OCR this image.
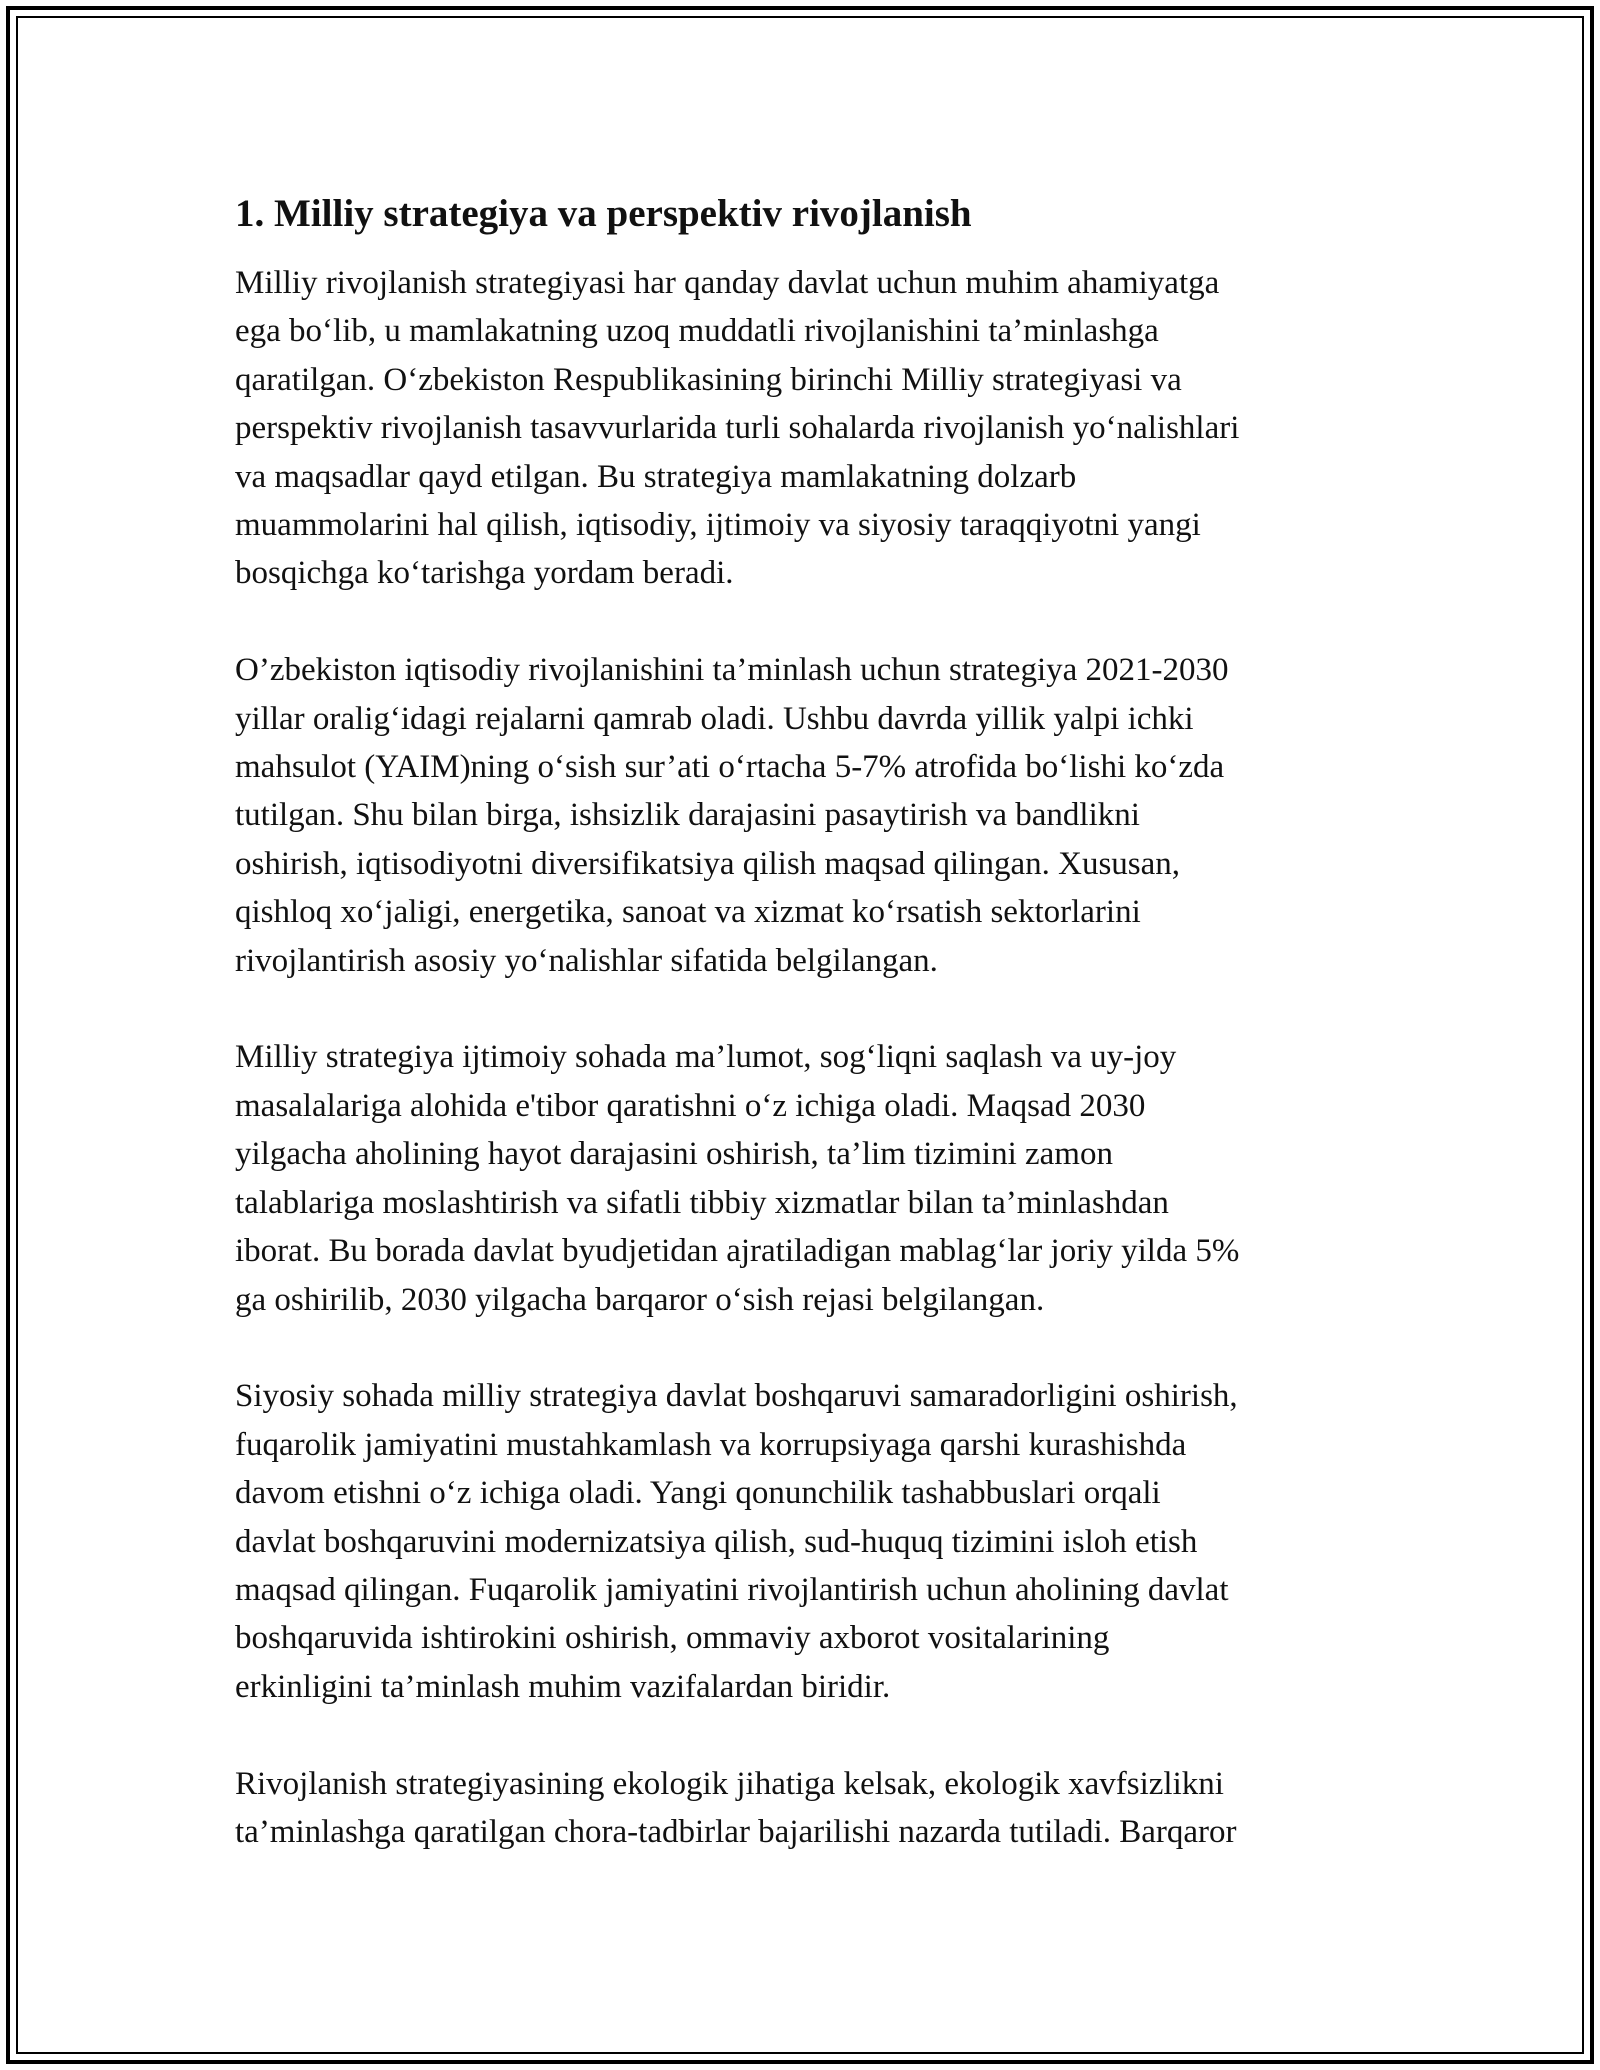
1. Milliy strategiya va perspektiv rivojlanish
Milliy rivojlanish strategiyasi har qanday davlat uchun muhim ahamiyatga
ega bo‘lib, u mamlakatning uzoq muddatli rivojlanishini ta’minlashga
qaratilgan. O‘zbekiston Respublikasining birinchi Milliy strategiyasi va
perspektiv rivojlanish tasavvurlarida turli sohalarda rivojlanish yo‘nalishlari
va maqsadlar qayd etilgan. Bu strategiya mamlakatning dolzarb
muammolarini hal qilish, iqtisodiy, ijtimoiy va siyosiy taraqqiyotni yangi
bosqichga ko‘tarishga yordam beradi.
O’zbekiston iqtisodiy rivojlanishini ta’minlash uchun strategiya 2021-2030
yillar oralig‘idagi rejalarni qamrab oladi. Ushbu davrda yillik yalpi ichki
mahsulot (YAIM)ning o‘sish sur’ati o‘rtacha 5-7% atrofida bo‘lishi ko‘zda
tutilgan. Shu bilan birga, ishsizlik darajasini pasaytirish va bandlikni
oshirish, iqtisodiyotni diversifikatsiya qilish maqsad qilingan. Xususan,
qishloq xo‘jaligi, energetika, sanoat va xizmat ko‘rsatish sektorlarini
rivojlantirish asosiy yo‘nalishlar sifatida belgilangan.
Milliy strategiya ijtimoiy sohada ma’lumot, sog‘liqni saqlash va uy-joy
masalalariga alohida e'tibor qaratishni o‘z ichiga oladi. Maqsad 2030
yilgacha aholining hayot darajasini oshirish, ta’lim tizimini zamon
talablariga moslashtirish va sifatli tibbiy xizmatlar bilan ta’minlashdan
iborat. Bu borada davlat byudjetidan ajratiladigan mablag‘lar joriy yilda 5%
ga oshirilib, 2030 yilgacha barqaror o‘sish rejasi belgilangan.
Siyosiy sohada milliy strategiya davlat boshqaruvi samaradorligini oshirish,
fuqarolik jamiyatini mustahkamlash va korrupsiyaga qarshi kurashishda
davom etishni o‘z ichiga oladi. Yangi qonunchilik tashabbuslari orqali
davlat boshqaruvini modernizatsiya qilish, sud-huquq tizimini isloh etish
maqsad qilingan. Fuqarolik jamiyatini rivojlantirish uchun aholining davlat
boshqaruvida ishtirokini oshirish, ommaviy axborot vositalarining
erkinligini ta’minlash muhim vazifalardan biridir.
Rivojlanish strategiyasining ekologik jihatiga kelsak, ekologik xavfsizlikni
ta’minlashga qaratilgan chora-tadbirlar bajarilishi nazarda tutiladi. Barqaror
